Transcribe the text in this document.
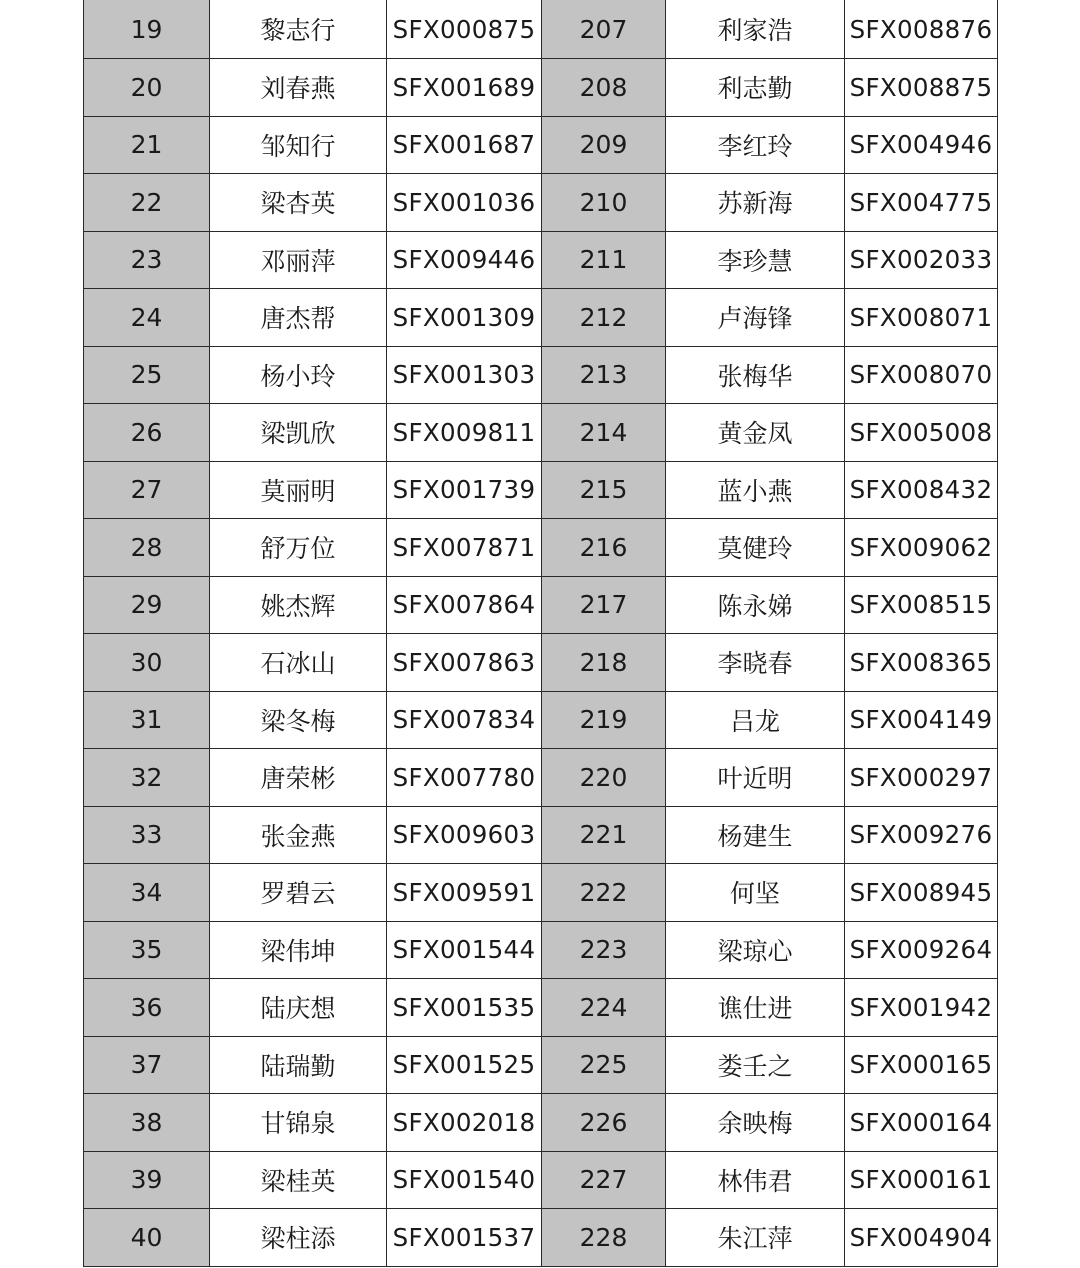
19	黎志行	SFX000875	207	利家浩	SFX008876
20	刘春燕	SFX001689	208	利志勤	SFX008875
21	邹知行	SFX001687	209	李红玲	SFX004946
22	梁杏英	SFX001036	210	苏新海	SFX004775
23	邓丽萍	SFX009446	211	李珍慧	SFX002033
24	唐杰帮	SFX001309	212	卢海锋	SFX008071
25	杨小玲	SFX001303	213	张梅华	SFX008070
26	梁凯欣	SFX009811	214	黄金凤	SFX005008
27	莫丽明	SFX001739	215	蓝小燕	SFX008432
28	舒万位	SFX007871	216	莫健玲	SFX009062
29	姚杰辉	SFX007864	217	陈永娣	SFX008515
30	石冰山	SFX007863	218	李晓春	SFX008365
31	梁冬梅	SFX007834	219	吕龙	SFX004149
32	唐荣彬	SFX007780	220	叶近明	SFX000297
33	张金燕	SFX009603	221	杨建生	SFX009276
34	罗碧云	SFX009591	222	何坚	SFX008945
35	梁伟坤	SFX001544	223	梁琼心	SFX009264
36	陆庆想	SFX001535	224	谯仕进	SFX001942
37	陆瑞勤	SFX001525	225	娄壬之	SFX000165
38	甘锦泉	SFX002018	226	余映梅	SFX000164
39	梁桂英	SFX001540	227	林伟君	SFX000161
40	梁柱添	SFX001537	228	朱江萍	SFX004904
